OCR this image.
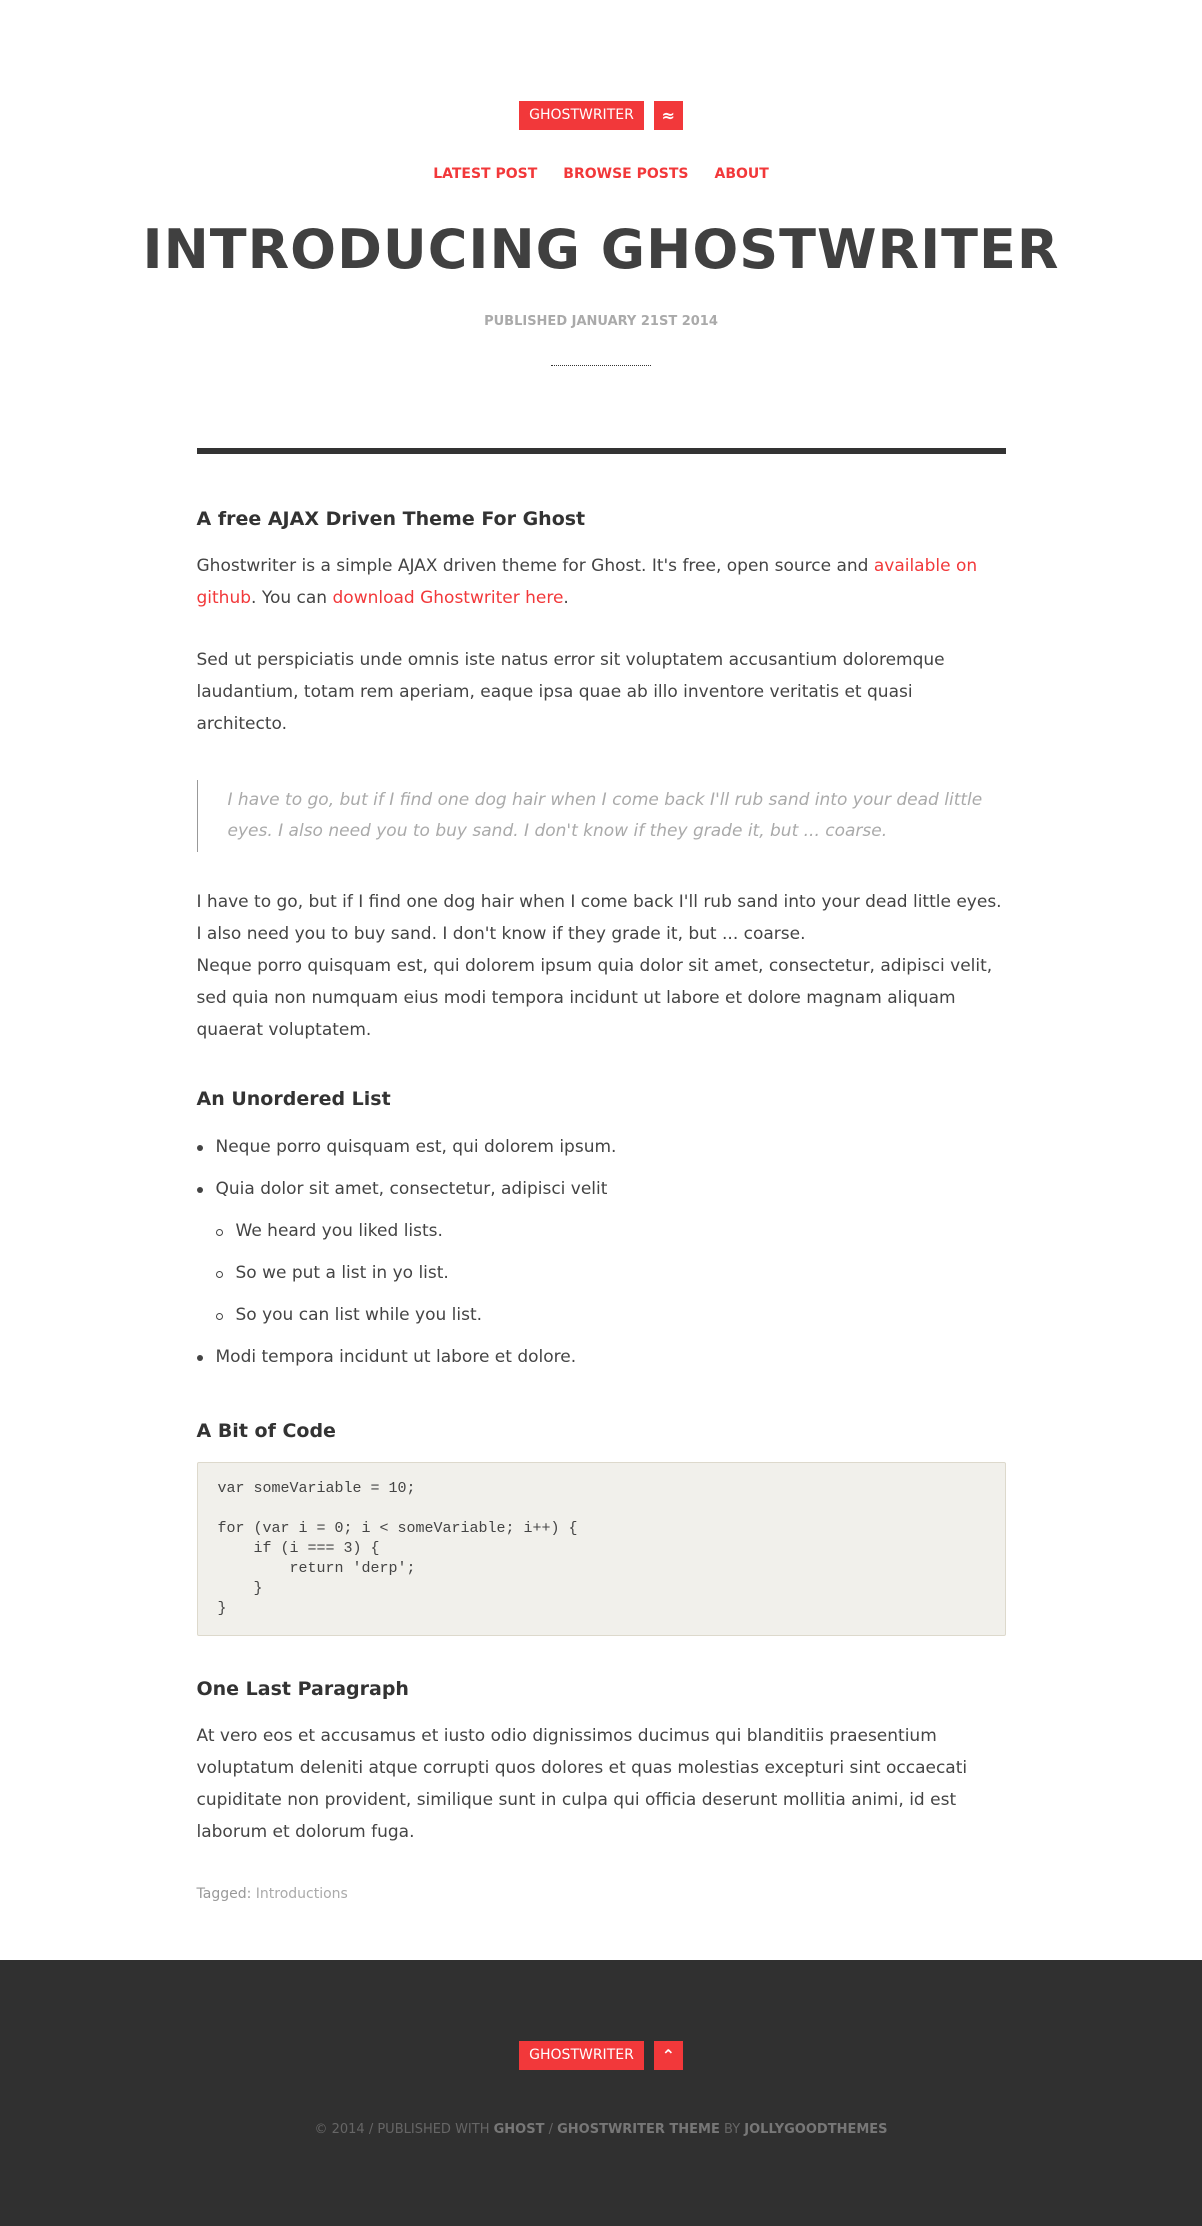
GHOSTWRITER	≈
LATEST POST BROWSE POSTS ABOUT
INTRODUCING GHOSTWRITER
PUBLISHED JANUARY 21ST 2014
A free AJAX Driven Theme For Ghost

Ghostwriter is a simple AJAX driven theme for Ghost. It's free, open source and available on github. You can download Ghostwriter here.

Sed ut perspiciatis unde omnis iste natus error sit voluptatem accusantium doloremque laudantium, totam rem aperiam, eaque ipsa quae ab illo inventore veritatis et quasi architecto.

I have to go, but if I find one dog hair when I come back I'll rub sand into your dead little eyes. I also need you to buy sand. I don't know if they grade it, but ... coarse.

I have to go, but if I find one dog hair when I come back I'll rub sand into your dead little eyes. I also need you to buy sand. I don't know if they grade it, but ... coarse.
Neque porro quisquam est, qui dolorem ipsum quia dolor sit amet, consectetur, adipisci velit, sed quia non numquam eius modi tempora incidunt ut labore et dolore magnam aliquam quaerat voluptatem.

An Unordered List
Neque porro quisquam est, qui dolorem ipsum.
Quia dolor sit amet, consectetur, adipisci velit
We heard you liked lists.
So we put a list in yo list.
So you can list while you list.
Modi tempora incidunt ut labore et dolore.
A Bit of Code
var someVariable = 10;

for (var i = 0; i < someVariable; i++) {
if (i === 3) {
return 'derp';
}
}
One Last Paragraph

At vero eos et accusamus et iusto odio dignissimos ducimus qui blanditiis praesentium voluptatum deleniti atque corrupti quos dolores et quas molestias excepturi sint occaecati cupiditate non provident, similique sunt in culpa qui officia deserunt mollitia animi, id est laborum et dolorum fuga.

Tagged: Introductions
GHOSTWRITER	⌃
© 2014 / PUBLISHED WITH GHOST / GHOSTWRITER THEME BY JOLLYGOODTHEMES
